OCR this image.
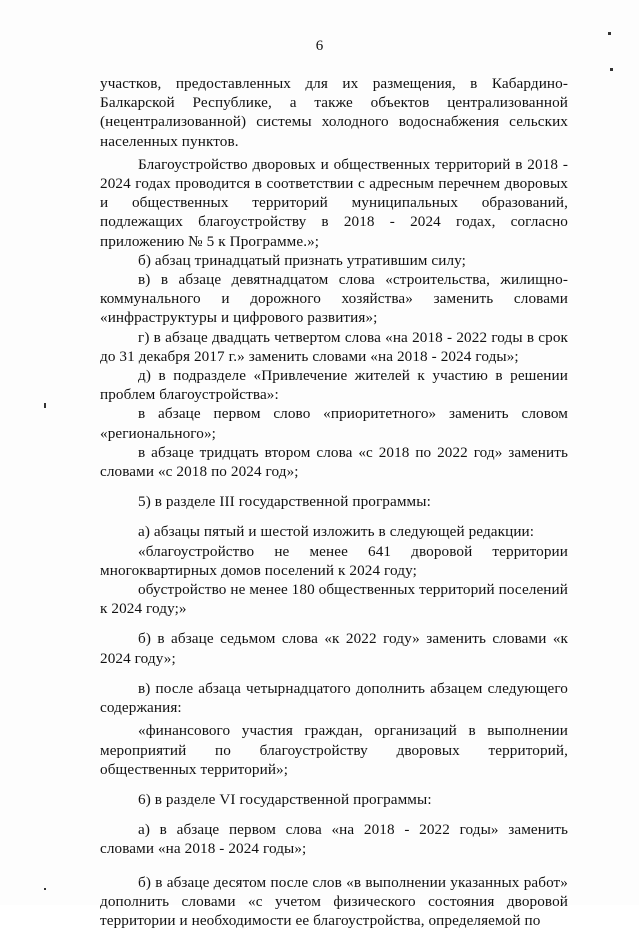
6

участков, предоставленных для их размещения, в Кабардино-Балкарской Республике, а также объектов централизованной (нецентрализованной) системы холодного водоснабжения сельских населенных пунктов.

Благоустройство дворовых и общественных территорий в 2018 - 2024 годах проводится в соответствии с адресным перечнем дворовых и общественных территорий муниципальных образований, подлежащих благоустройству в 2018 - 2024 годах, согласно приложению № 5 к Программе.»;

б) абзац тринадцатый признать утратившим силу;

в) в абзаце девятнадцатом слова «строительства, жилищно-коммунального и дорожного хозяйства» заменить словами «инфраструктуры и цифрового развития»;

г) в абзаце двадцать четвертом слова «на 2018 - 2022 годы в срок до 31 декабря 2017 г.» заменить словами «на 2018 - 2024 годы»;

д) в подразделе «Привлечение жителей к участию в решении проблем благоустройства»:

в абзаце первом слово «приоритетного» заменить словом «регионального»;

в абзаце тридцать втором слова «с 2018 по 2022 год» заменить словами «с 2018 по 2024 год»;

5) в разделе III государственной программы:

а) абзацы пятый и шестой изложить в следующей редакции:

«благоустройство не менее 641 дворовой территории многоквартирных домов поселений к 2024 году;

обустройство не менее 180 общественных территорий поселений к 2024 году;»

б) в абзаце седьмом слова «к 2022 году» заменить словами «к 2024 году»;

в) после абзаца четырнадцатого дополнить абзацем следующего содержания:

«финансового участия граждан, организаций в выполнении мероприятий по благоустройству дворовых территорий, общественных территорий»;

6) в разделе VI государственной программы:

а) в абзаце первом слова «на 2018 - 2022 годы» заменить словами «на 2018 - 2024 годы»;

б) в абзаце десятом после слов «в выполнении указанных работ» дополнить словами «с учетом физического состояния дворовой территории и необходимости ее благоустройства, определяемой по
